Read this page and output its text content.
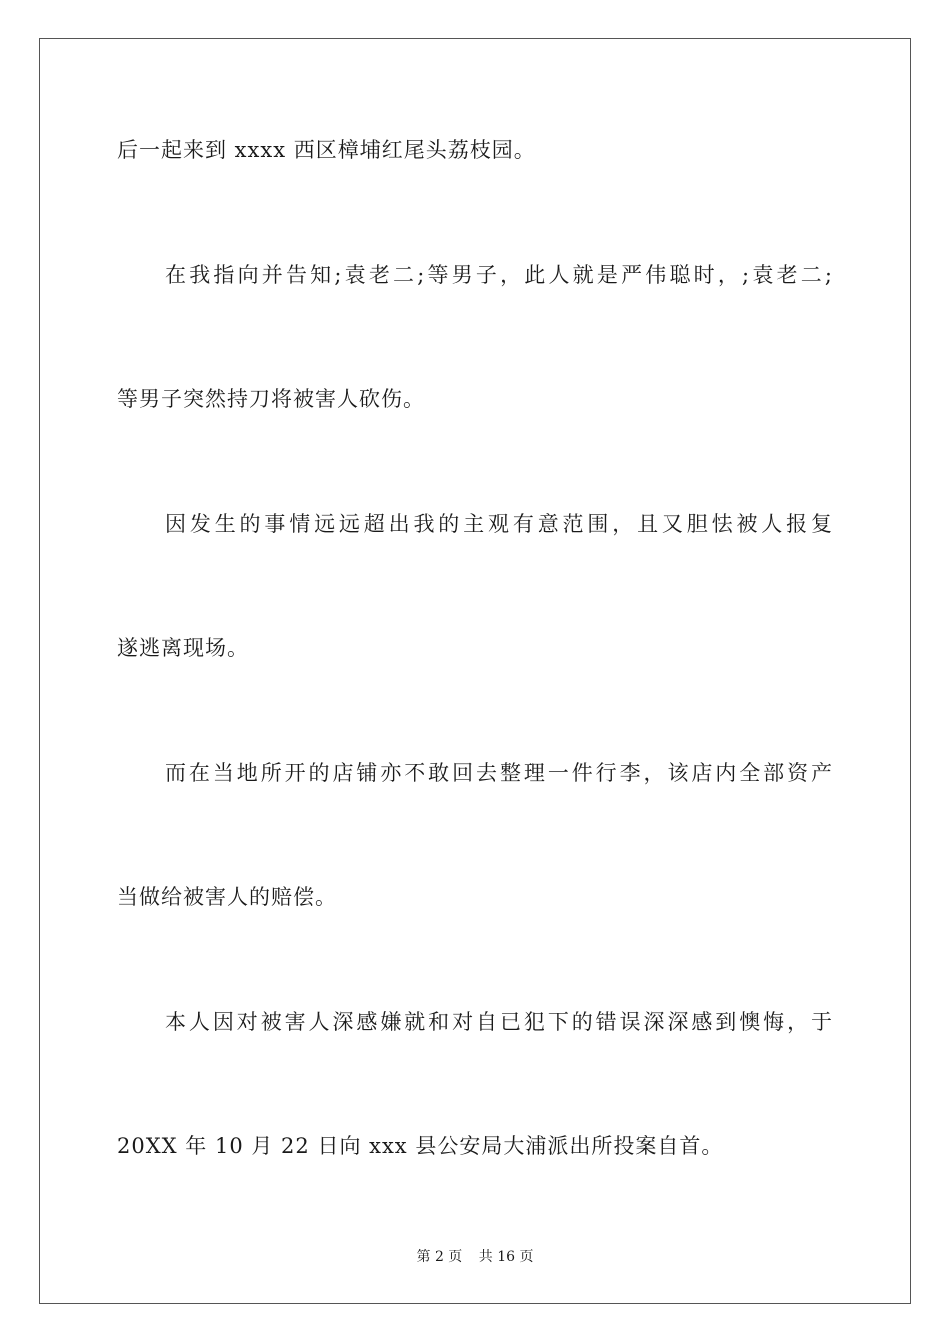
后一起来到 xxxx 西区樟埔红尾头荔枝园。
在我指向并告知;袁老二;等男子，此人就是严伟聪时，;袁老二;
等男子突然持刀将被害人砍伤。
因发生的事情远远超出我的主观有意范围，且又胆怯被人报复
遂逃离现场。
而在当地所开的店铺亦不敢回去整理一件行李，该店内全部资产
当做给被害人的赔偿。
本人因对被害人深感嫌就和对自已犯下的错误深深感到懊悔，于
20XX 年 10 月 22 日向 xxx 县公安局大浦派出所投案自首。
第 2 页 共 16 页
